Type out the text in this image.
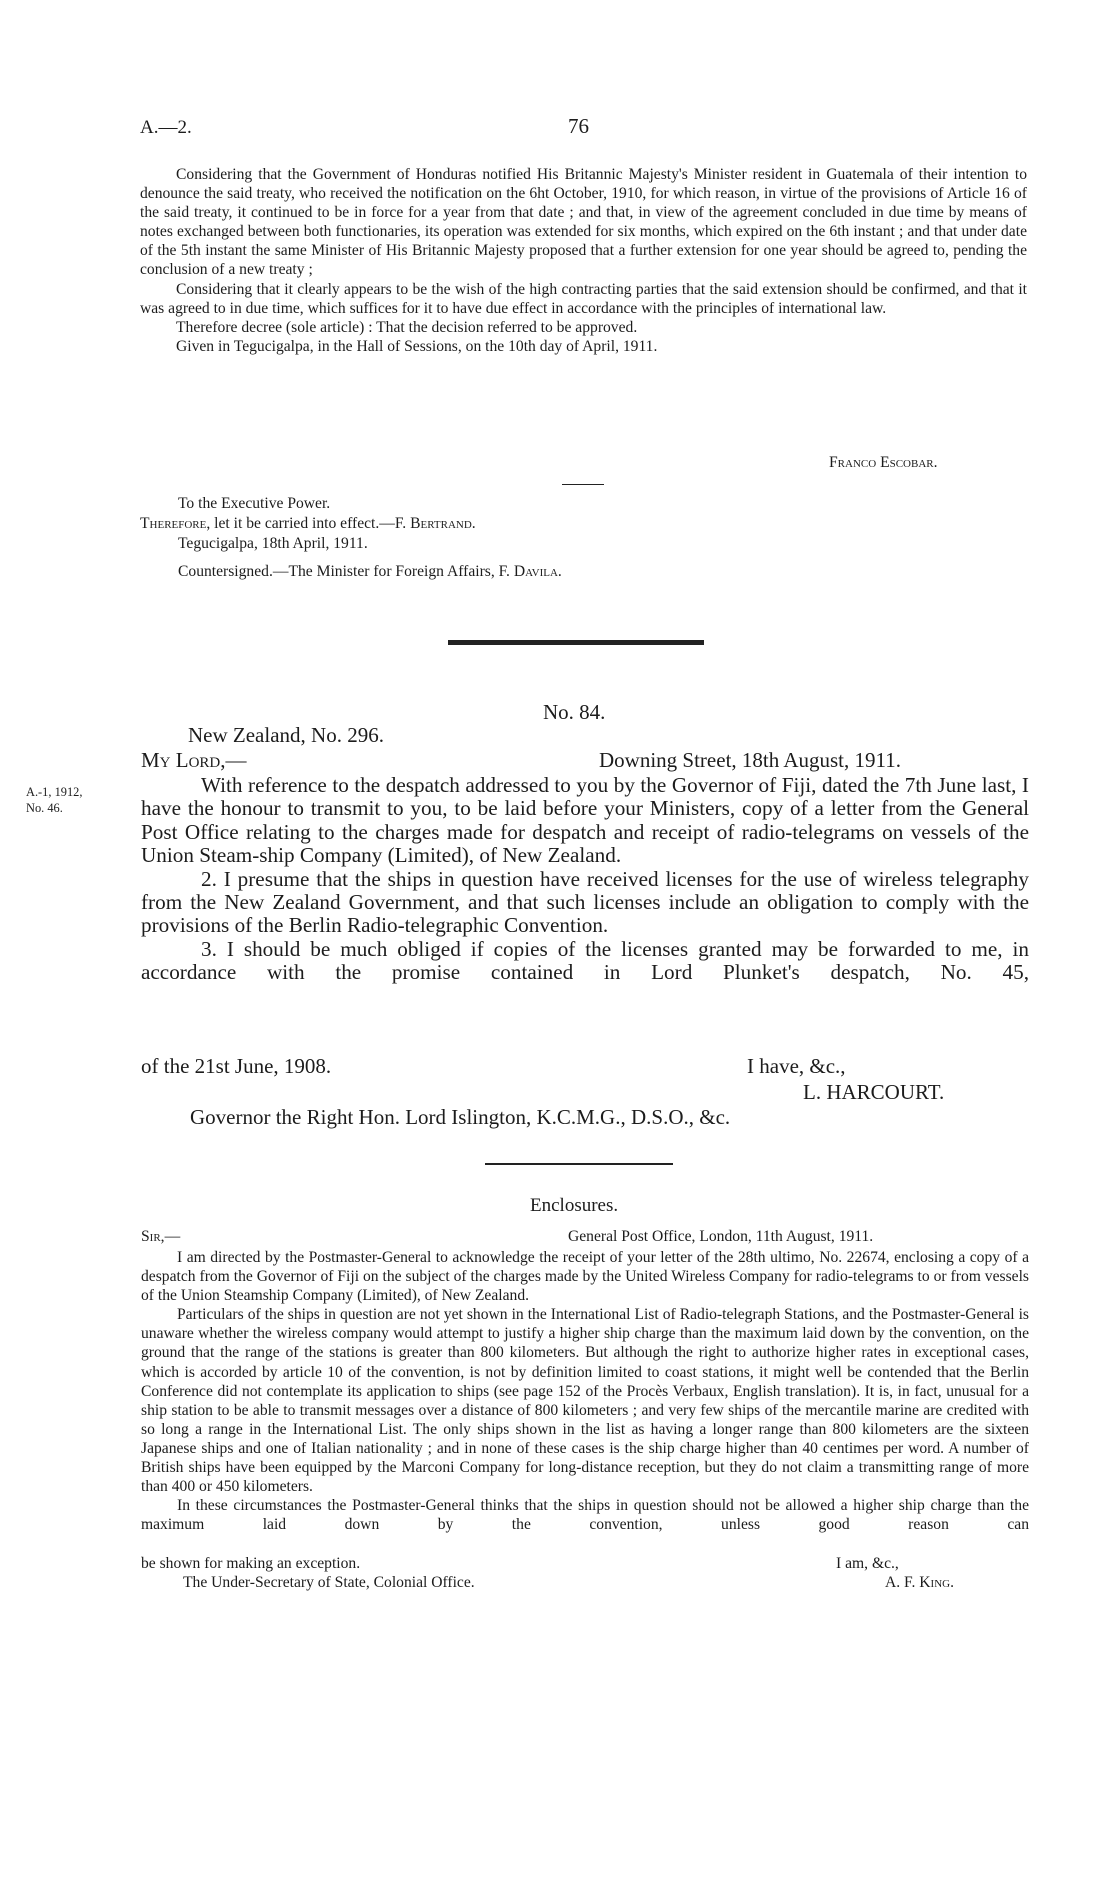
A.—2.	76

Considering that the Government of Honduras notified His Britannic Majesty's Minister resident in Guatemala of their intention to denounce the said treaty, who received the notification on the 6ht October, 1910, for which reason, in virtue of the provisions of Article 16 of the said treaty, it continued to be in force for a year from that date ; and that, in view of the agreement concluded in due time by means of notes exchanged between both functionaries, its operation was extended for six months, which expired on the 6th instant ; and that under date of the 5th instant the same Minister of His Britannic Majesty proposed that a further extension for one year should be agreed to, pending the conclusion of a new treaty ;

Considering that it clearly appears to be the wish of the high contracting parties that the said extension should be confirmed, and that it was agreed to in due time, which suffices for it to have due effect in accordance with the principles of international law.

Therefore decree (sole article) : That the decision referred to be approved.

Given in Tegucigalpa, in the Hall of Sessions, on the 10th day of April, 1911.

Franco Escobar.
To the Executive Power.
Therefore, let it be carried into effect.—F. Bertrand.
Tegucigalpa, 18th April, 1911.
Countersigned.—The Minister for Foreign Affairs, F. Davila.
No. 84.
New Zealand, No. 296.
My Lord,—	Downing Street, 18th August, 1911.
A.-1, 1912,
No. 46.

With reference to the despatch addressed to you by the Governor of Fiji, dated the 7th June last, I have the honour to transmit to you, to be laid before your Ministers, copy of a letter from the General Post Office relating to the charges made for despatch and receipt of radio-telegrams on vessels of the Union Steam-ship Company (Limited), of New Zealand.

2. I presume that the ships in question have received licenses for the use of wireless telegraphy from the New Zealand Government, and that such licenses include an obligation to comply with the provisions of the Berlin Radio-telegraphic Convention.

3. I should be much obliged if copies of the licenses granted may be forwarded to me, in accordance with the promise contained in Lord Plunket's despatch, No. 45,

of the 21st June, 1908.	I have, &c.,
L. HARCOURT.
Governor the Right Hon. Lord Islington, K.C.M.G., D.S.O., &c.
Enclosures.
Sir,—	General Post Office, London, 11th August, 1911.

I am directed by the Postmaster-General to acknowledge the receipt of your letter of the 28th ultimo, No. 22674, enclosing a copy of a despatch from the Governor of Fiji on the subject of the charges made by the United Wireless Company for radio-telegrams to or from vessels of the Union Steamship Company (Limited), of New Zealand.

Particulars of the ships in question are not yet shown in the International List of Radio-telegraph Stations, and the Postmaster-General is unaware whether the wireless company would attempt to justify a higher ship charge than the maximum laid down by the convention, on the ground that the range of the stations is greater than 800 kilometers. But although the right to authorize higher rates in exceptional cases, which is accorded by article 10 of the convention, is not by definition limited to coast stations, it might well be contended that the Berlin Conference did not contemplate its application to ships (see page 152 of the Procès Verbaux, English translation). It is, in fact, unusual for a ship station to be able to transmit messages over a distance of 800 kilometers ; and very few ships of the mercantile marine are credited with so long a range in the International List. The only ships shown in the list as having a longer range than 800 kilometers are the sixteen Japanese ships and one of Italian nationality ; and in none of these cases is the ship charge higher than 40 centimes per word. A number of British ships have been equipped by the Marconi Company for long-distance reception, but they do not claim a transmitting range of more than 400 or 450 kilometers.

In these circumstances the Postmaster-General thinks that the ships in question should not be allowed a higher ship charge than the maximum laid down by the convention, unless good reason can

be shown for making an exception.	I am, &c.,
The Under-Secretary of State, Colonial Office.	A. F. King.
